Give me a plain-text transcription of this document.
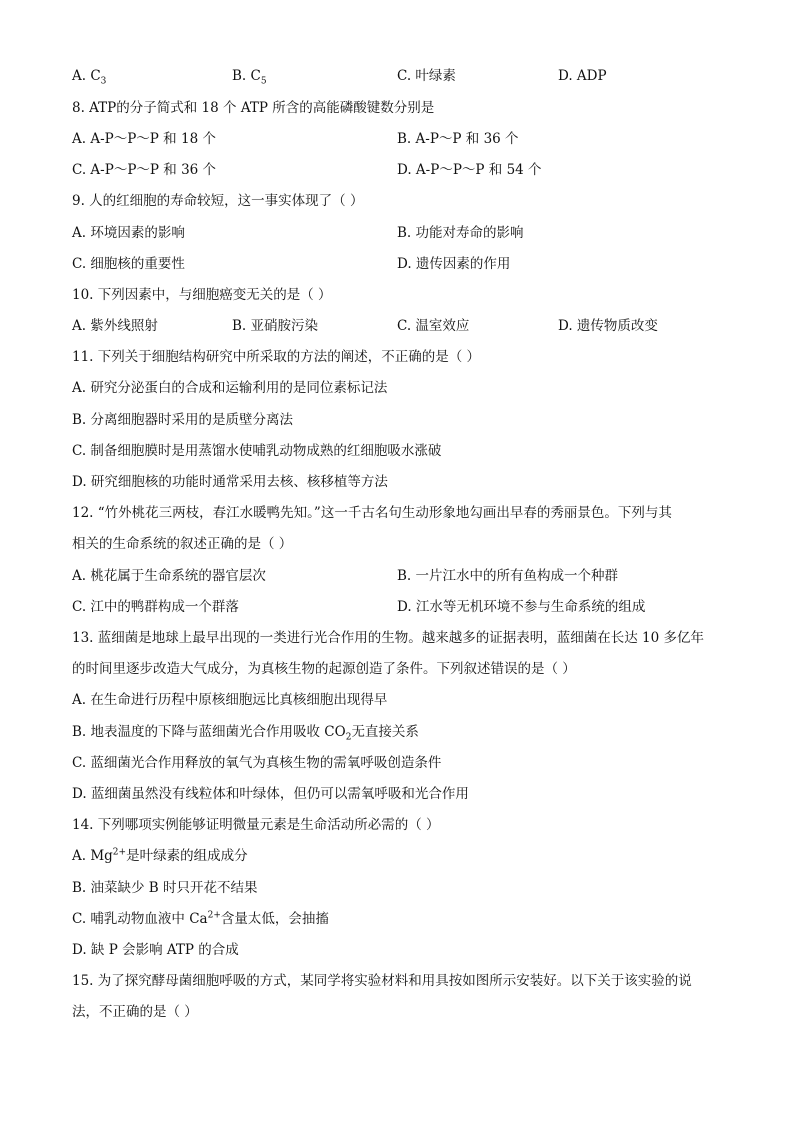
A. $C_3$	B. $C_5$	C. 叶绿素	D. ADP
8. ATP的分子简式和 18 个 ATP 所含的高能磷酸键数分别是
A. A-P～P～P 和 18 个	B. A-P～P 和 36 个
C. A-P～P～P 和 36 个	D. A-P～P～P 和 54 个
9. 人的红细胞的寿命较短，这一事实体现了（ ）
A. 环境因素的影响	B. 功能对寿命的影响
C. 细胞核的重要性	D. 遗传因素的作用
10. 下列因素中，与细胞癌变无关的是（ ）
A. 紫外线照射	B. 亚硝胺污染	C. 温室效应	D. 遗传物质改变
11. 下列关于细胞结构研究中所采取的方法的阐述，不正确的是（ ）
A. 研究分泌蛋白的合成和运输利用的是同位素标记法
B. 分离细胞器时采用的是质壁分离法
C. 制备细胞膜时是用蒸馏水使哺乳动物成熟的红细胞吸水涨破
D. 研究细胞核的功能时通常采用去核、核移植等方法
12. “竹外桃花三两枝，春江水暖鸭先知。”这一千古名句生动形象地勾画出早春的秀丽景色。下列与其
相关的生命系统的叙述正确的是（ ）
A. 桃花属于生命系统的器官层次	B. 一片江水中的所有鱼构成一个种群
C. 江中的鸭群构成一个群落	D. 江水等无机环境不参与生命系统的组成
13. 蓝细菌是地球上最早出现的一类进行光合作用的生物。越来越多的证据表明，蓝细菌在长达 10 多亿年
的时间里逐步改造大气成分，为真核生物的起源创造了条件。下列叙述错误的是（ ）
A. 在生命进行历程中原核细胞远比真核细胞出现得早
B. 地表温度的下降与蓝细菌光合作用吸收 $CO_2$无直接关系
C. 蓝细菌光合作用释放的氧气为真核生物的需氧呼吸创造条件
D. 蓝细菌虽然没有线粒体和叶绿体，但仍可以需氧呼吸和光合作用
14. 下列哪项实例能够证明微量元素是生命活动所必需的（ ）
A. $Mg^{2+}$是叶绿素的组成成分
B. 油菜缺少 B 时只开花不结果
C. 哺乳动物血液中 $Ca^{2+}$含量太低，会抽搐
D. 缺 P 会影响 ATP 的合成
15. 为了探究酵母菌细胞呼吸的方式，某同学将实验材料和用具按如图所示安装好。以下关于该实验的说
法，不正确的是（ ）
